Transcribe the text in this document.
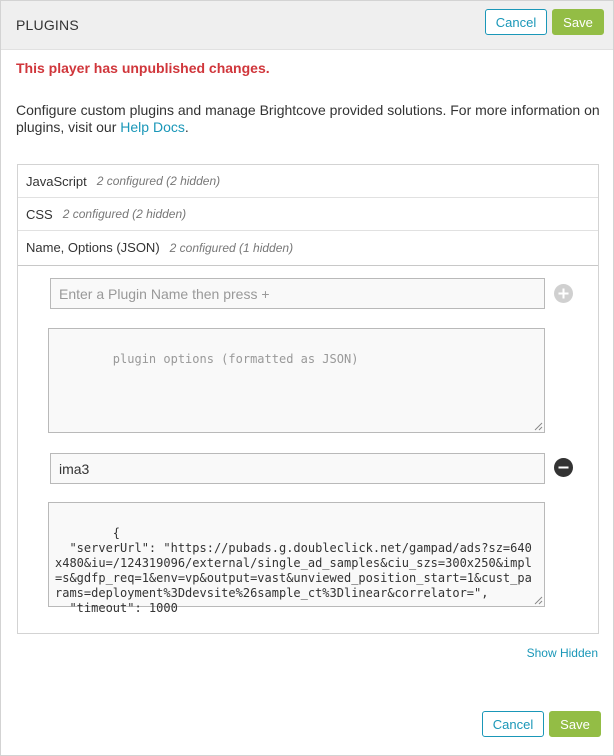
PLUGINS	Cancel	Save
This player has unpublished changes.
Configure custom plugins and manage Brightcove provided solutions. For more information on plugins, visit our Help Docs.
JavaScript 2 configured (2 hidden)
CSS 2 configured (2 hidden)
Name, Options (JSON) 2 configured (1 hidden)
Enter a Plugin Name then press +

plugin options (formatted as JSON)

ima3

{
"serverUrl": "https://pubads.g.doubleclick.net/gampad/ads?sz=640x480&iu=/124319096/external/single_ad_samples&ciu_szs=300x250&impl=s&gdfp_req=1&env=vp&output=vast&unviewed_position_start=1&cust_params=deployment%3Ddevsite%26sample_ct%3Dlinear&correlator=",
"timeout": 1000

Show Hidden
Cancel	Save
